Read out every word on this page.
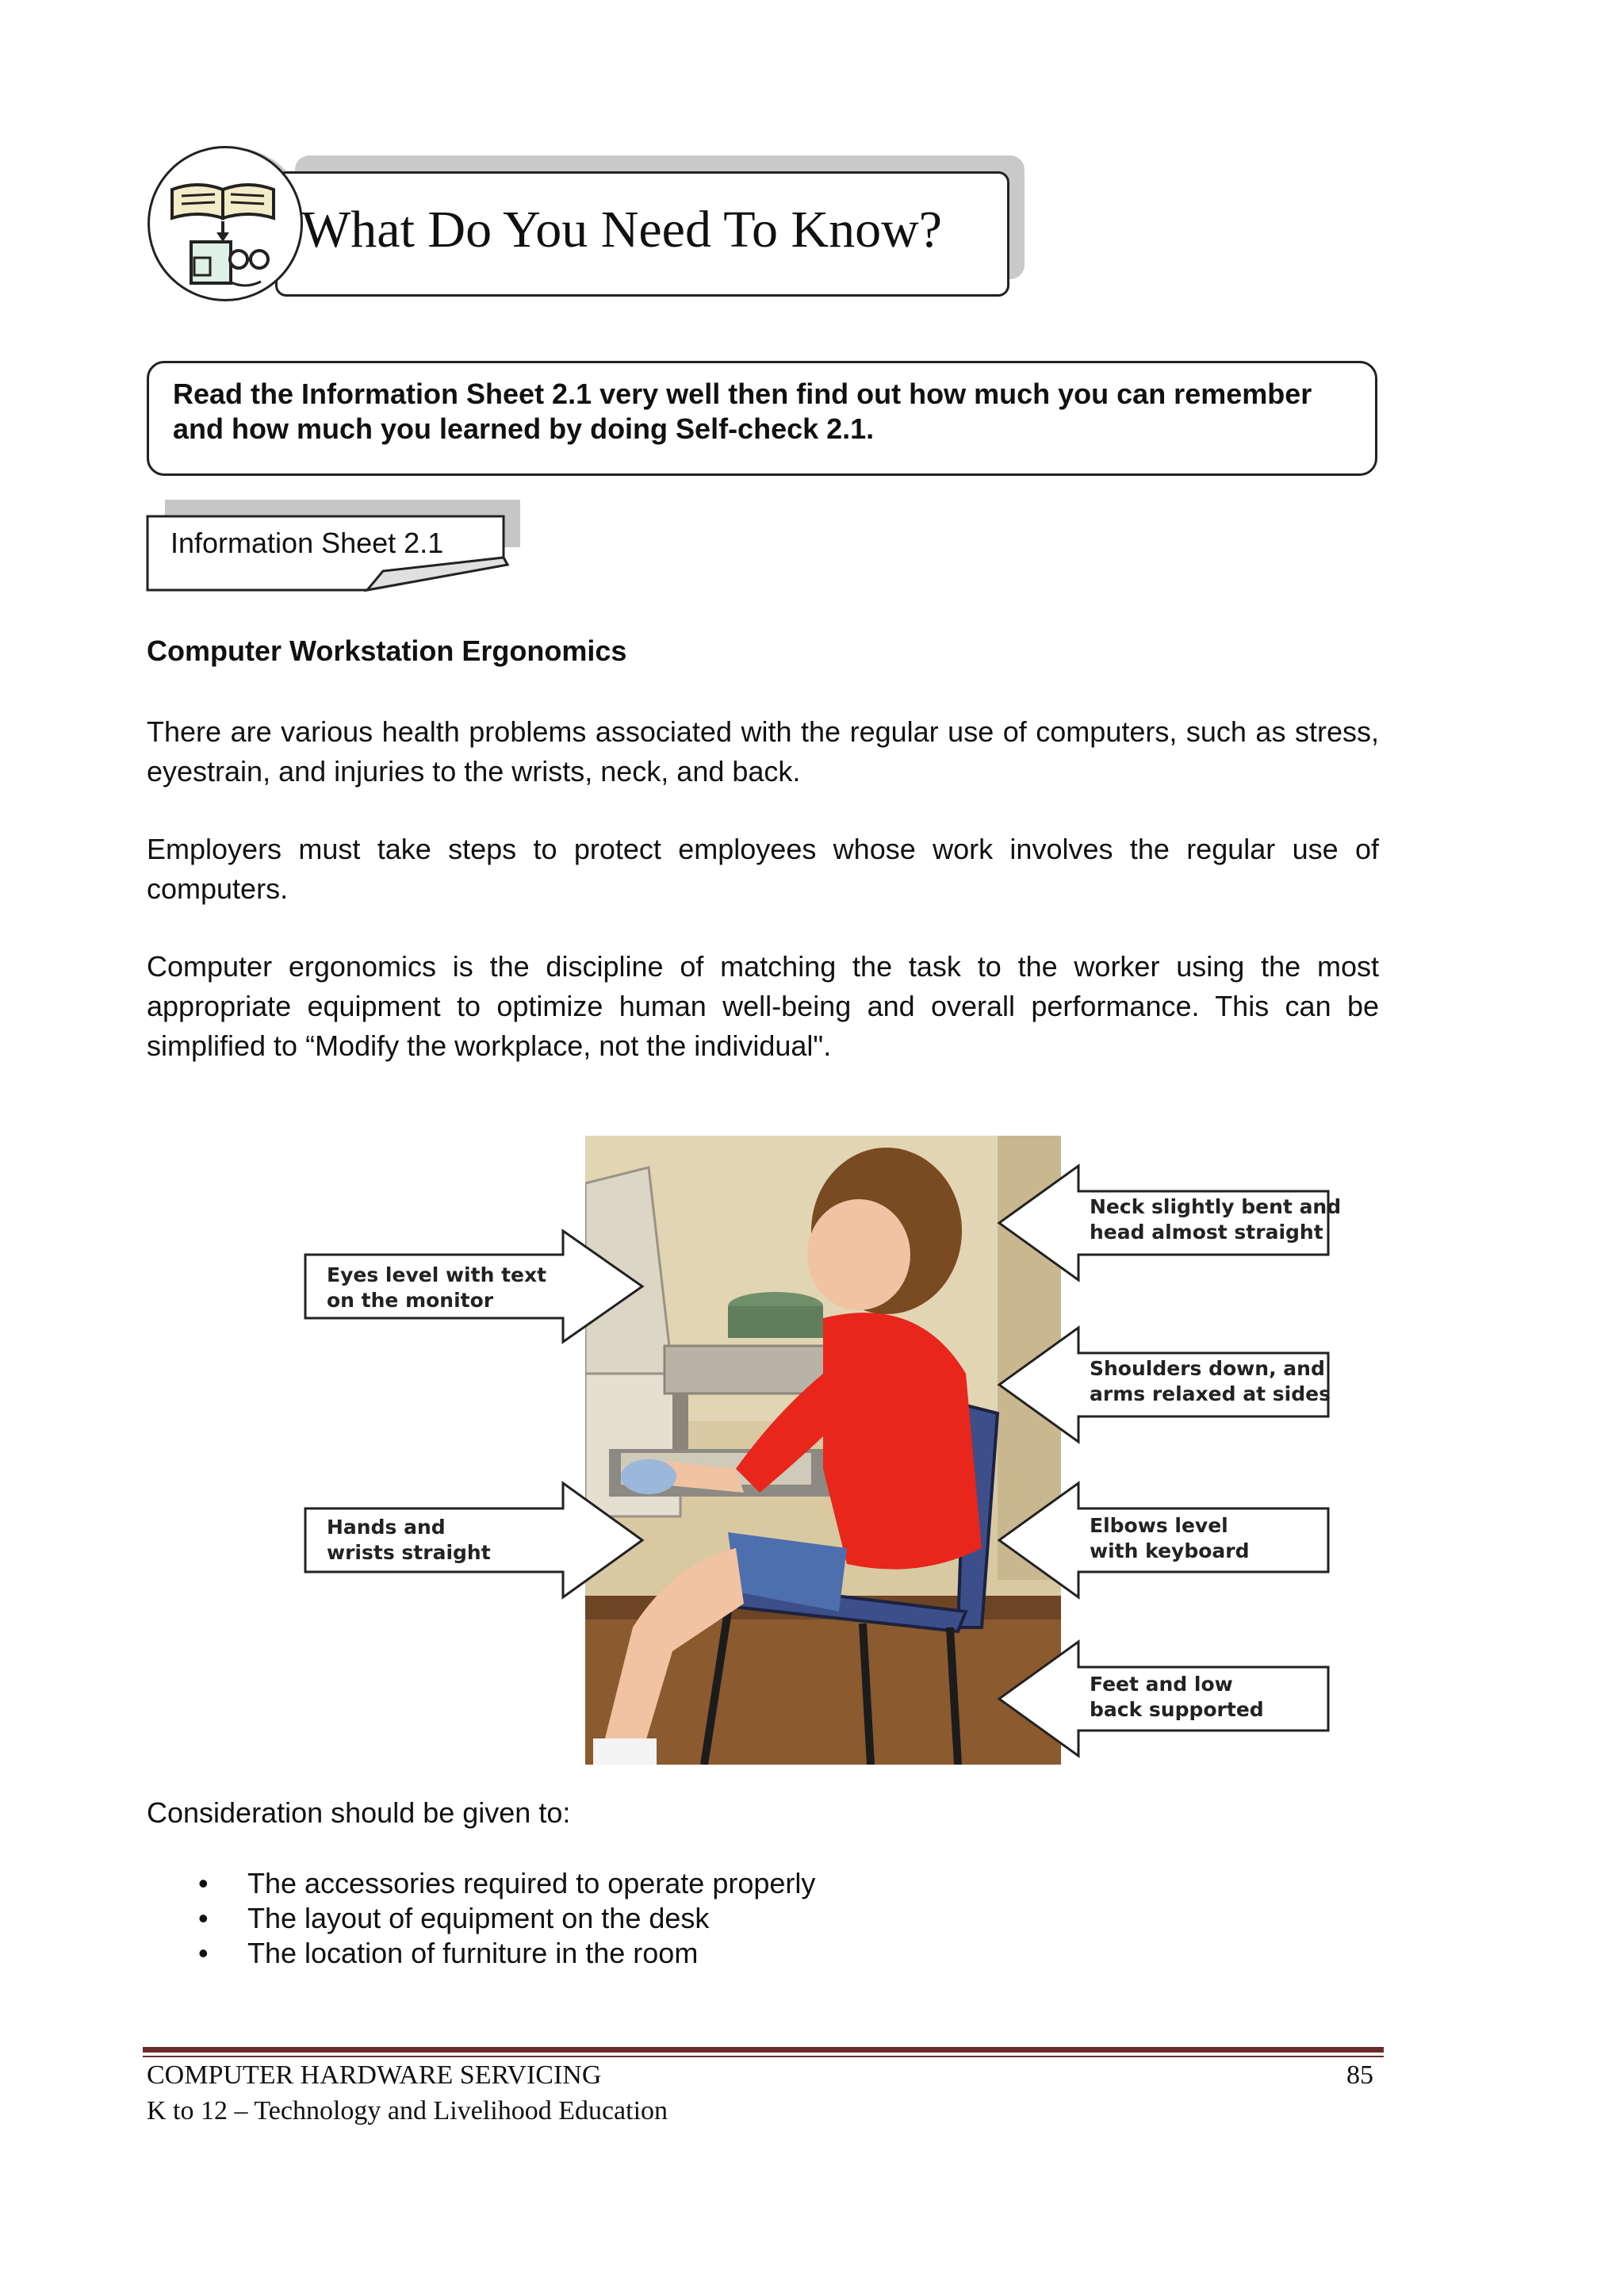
What Do You Need To Know?
Read the Information Sheet 2.1 very well then find out how much you can remember and how much you learned by doing Self-check 2.1.
Information Sheet 2.1
Computer Workstation Ergonomics
There are various health problems associated with the regular use of computers, such as stress, eyestrain, and injuries to the wrists, neck, and back.
Employers must take steps to protect employees whose work involves the regular use of computers.
Computer ergonomics is the discipline of matching the task to the worker using the most appropriate equipment to optimize human well-being and overall performance. This can be simplified to “Modify the workplace, not the individual".
Eyes level with text
on the monitor
Hands and
wrists straight
Neck slightly bent and
head almost straight
Shoulders down, and
arms relaxed at sides
Elbows level
with keyboard
Feet and low
back supported
Consideration should be given to:
• The accessories required to operate properly
• The layout of equipment on the desk
• The location of furniture in the room
COMPUTER HARDWARE SERVICING
K to 12 – Technology and Livelihood Education
85
